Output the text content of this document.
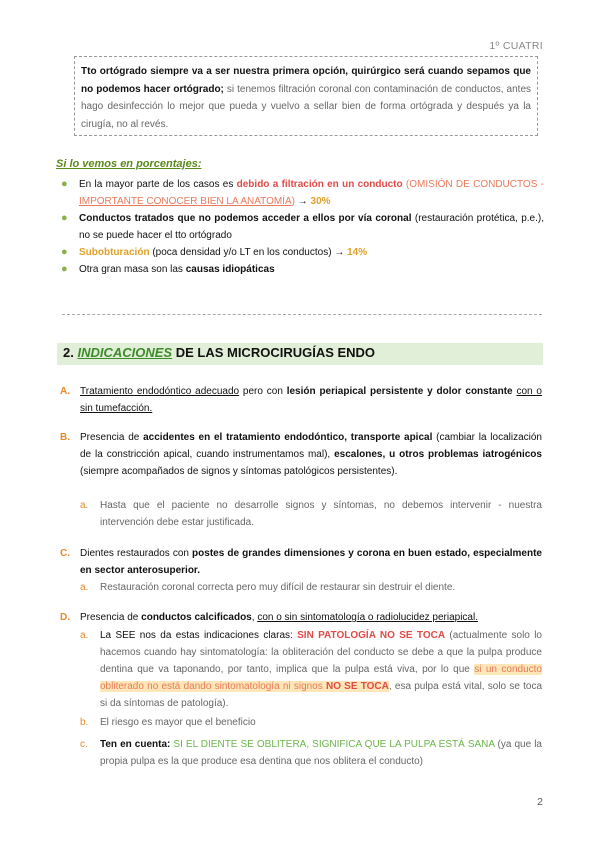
1º CUATRI
Tto ortógrado siempre va a ser nuestra primera opción, quirúrgico será cuando sepamos que no podemos hacer ortógrado; si tenemos filtración coronal con contaminación de conductos, antes hago desinfección lo mejor que pueda y vuelvo a sellar bien de forma ortógrada y después ya la cirugía, no al revés.
Si lo vemos en porcentajes:
● En la mayor parte de los casos es debido a filtración en un conducto (OMISIÓN DE CONDUCTOS - IMPORTANTE CONOCER BIEN LA ANATOMÍA) → 30%
● Conductos tratados que no podemos acceder a ellos por vía coronal (restauración protética, p.e.), no se puede hacer el tto ortógrado
● Subobturación (poca densidad y/o LT en los conductos) → 14%
● Otra gran masa son las causas idiopáticas
2. INDICACIONES DE LAS MICROCIRUGÍAS ENDO
A.	Tratamiento endodóntico adecuado pero con lesión periapical persistente y dolor constante con o sin tumefacción.
B.	Presencia de accidentes en el tratamiento endodóntico, transporte apical (cambiar la localización de la constricción apical, cuando instrumentamos mal), escalones, u otros problemas iatrogénicos (siempre acompañados de signos y síntomas patológicos persistentes).
a.	Hasta que el paciente no desarrolle signos y síntomas, no debemos intervenir - nuestra intervención debe estar justificada.
C.	Dientes restaurados con postes de grandes dimensiones y corona en buen estado, especialmente en sector anterosuperior.
a.	Restauración coronal correcta pero muy difícil de restaurar sin destruir el diente.
D.	Presencia de conductos calcificados, con o sin sintomatología o radiolucidez periapical.
a.	La SEE nos da estas indicaciones claras: SIN PATOLOGÍA NO SE TOCA (actualmente solo lo hacemos cuando hay sintomatología: la obliteración del conducto se debe a que la pulpa produce dentina que va taponando, por tanto, implica que la pulpa está viva, por lo que si un conducto obliterado no está dando sintomatología ni signos NO SE TOCA, esa pulpa está vital, solo se toca si da síntomas de patología).
b.	El riesgo es mayor que el beneficio
c.	Ten en cuenta: SI EL DIENTE SE OBLITERA, SIGNIFICA QUE LA PULPA ESTÁ SANA (ya que la propia pulpa es la que produce esa dentina que nos oblitera el conducto)
2
